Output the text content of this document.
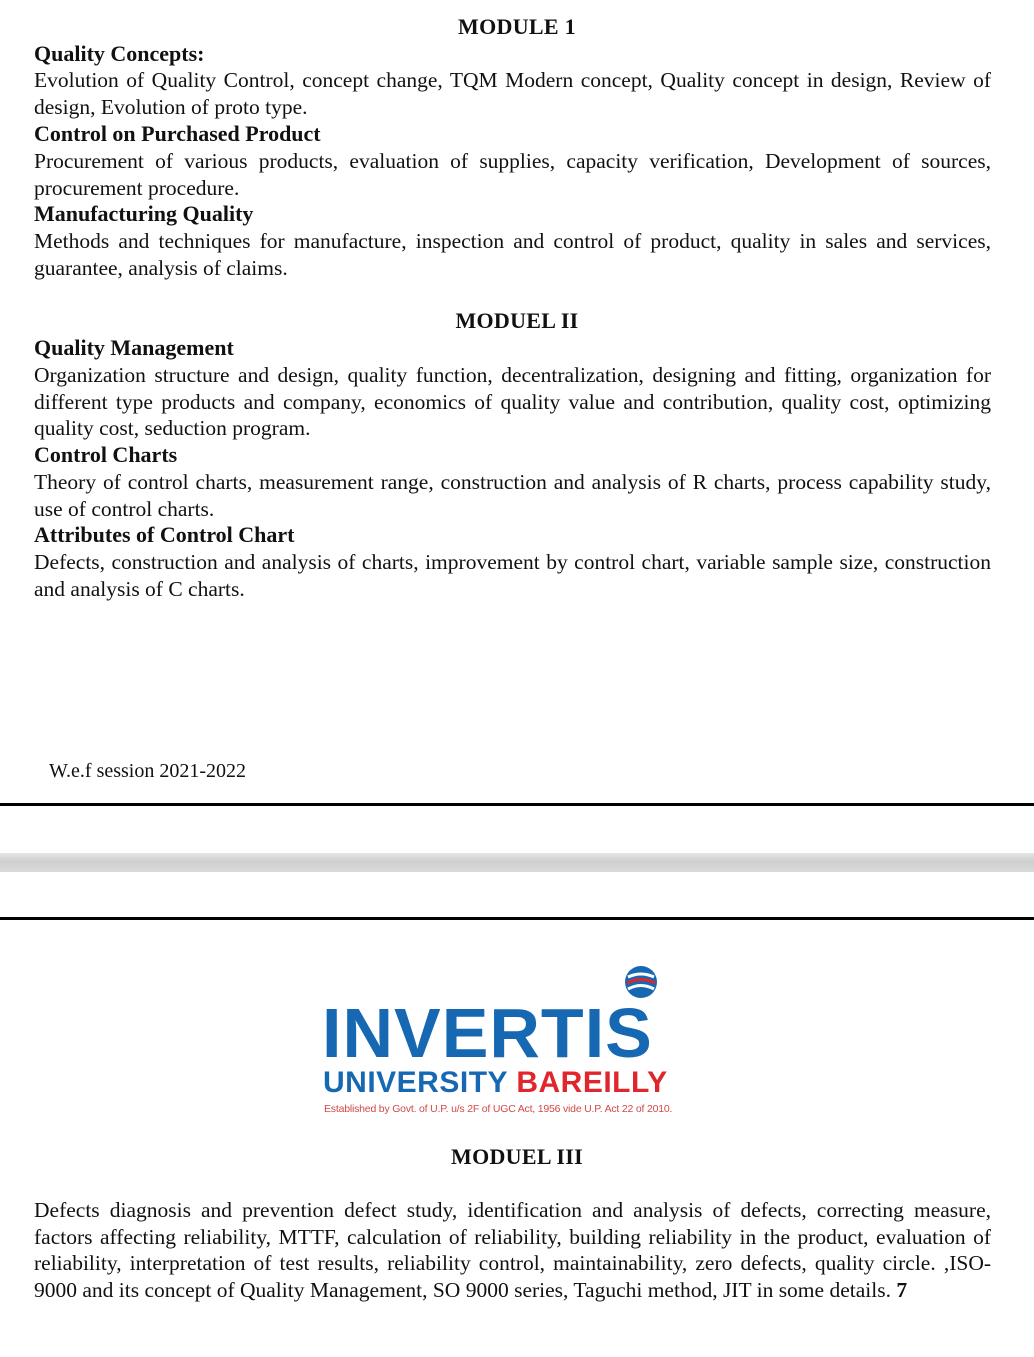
MODULE 1
Quality Concepts:
Evolution of Quality Control, concept change, TQM Modern concept, Quality concept in design, Review of design, Evolution of proto type.
Control on Purchased Product
Procurement of various products, evaluation of supplies, capacity verification, Development of sources, procurement procedure.
Manufacturing Quality
Methods and techniques for manufacture, inspection and control of product, quality in sales and services, guarantee, analysis of claims.
MODUEL II
Quality Management
Organization structure and design, quality function, decentralization, designing and fitting, organization for different type products and company, economics of quality value and contribution, quality cost, optimizing quality cost, seduction program.
Control Charts
Theory of control charts, measurement range, construction and analysis of R charts, process capability study, use of control charts.
Attributes of Control Chart
Defects, construction and analysis of charts, improvement by control chart, variable sample size, construction and analysis of C charts.
W.e.f session 2021-2022
INVERTIS
UNIVERSITY BAREILLY
Established by Govt. of U.P. u/s 2F of UGC Act, 1956 vide U.P. Act 22 of 2010.
MODUEL III
Defects diagnosis and prevention defect study, identification and analysis of defects, correcting measure, factors affecting reliability, MTTF, calculation of reliability, building reliability in the product, evaluation of reliability, interpretation of test results, reliability control, maintainability, zero defects, quality circle. ,ISO-9000 and its concept of Quality Management, SO 9000 series, Taguchi method, JIT in some details. 7
